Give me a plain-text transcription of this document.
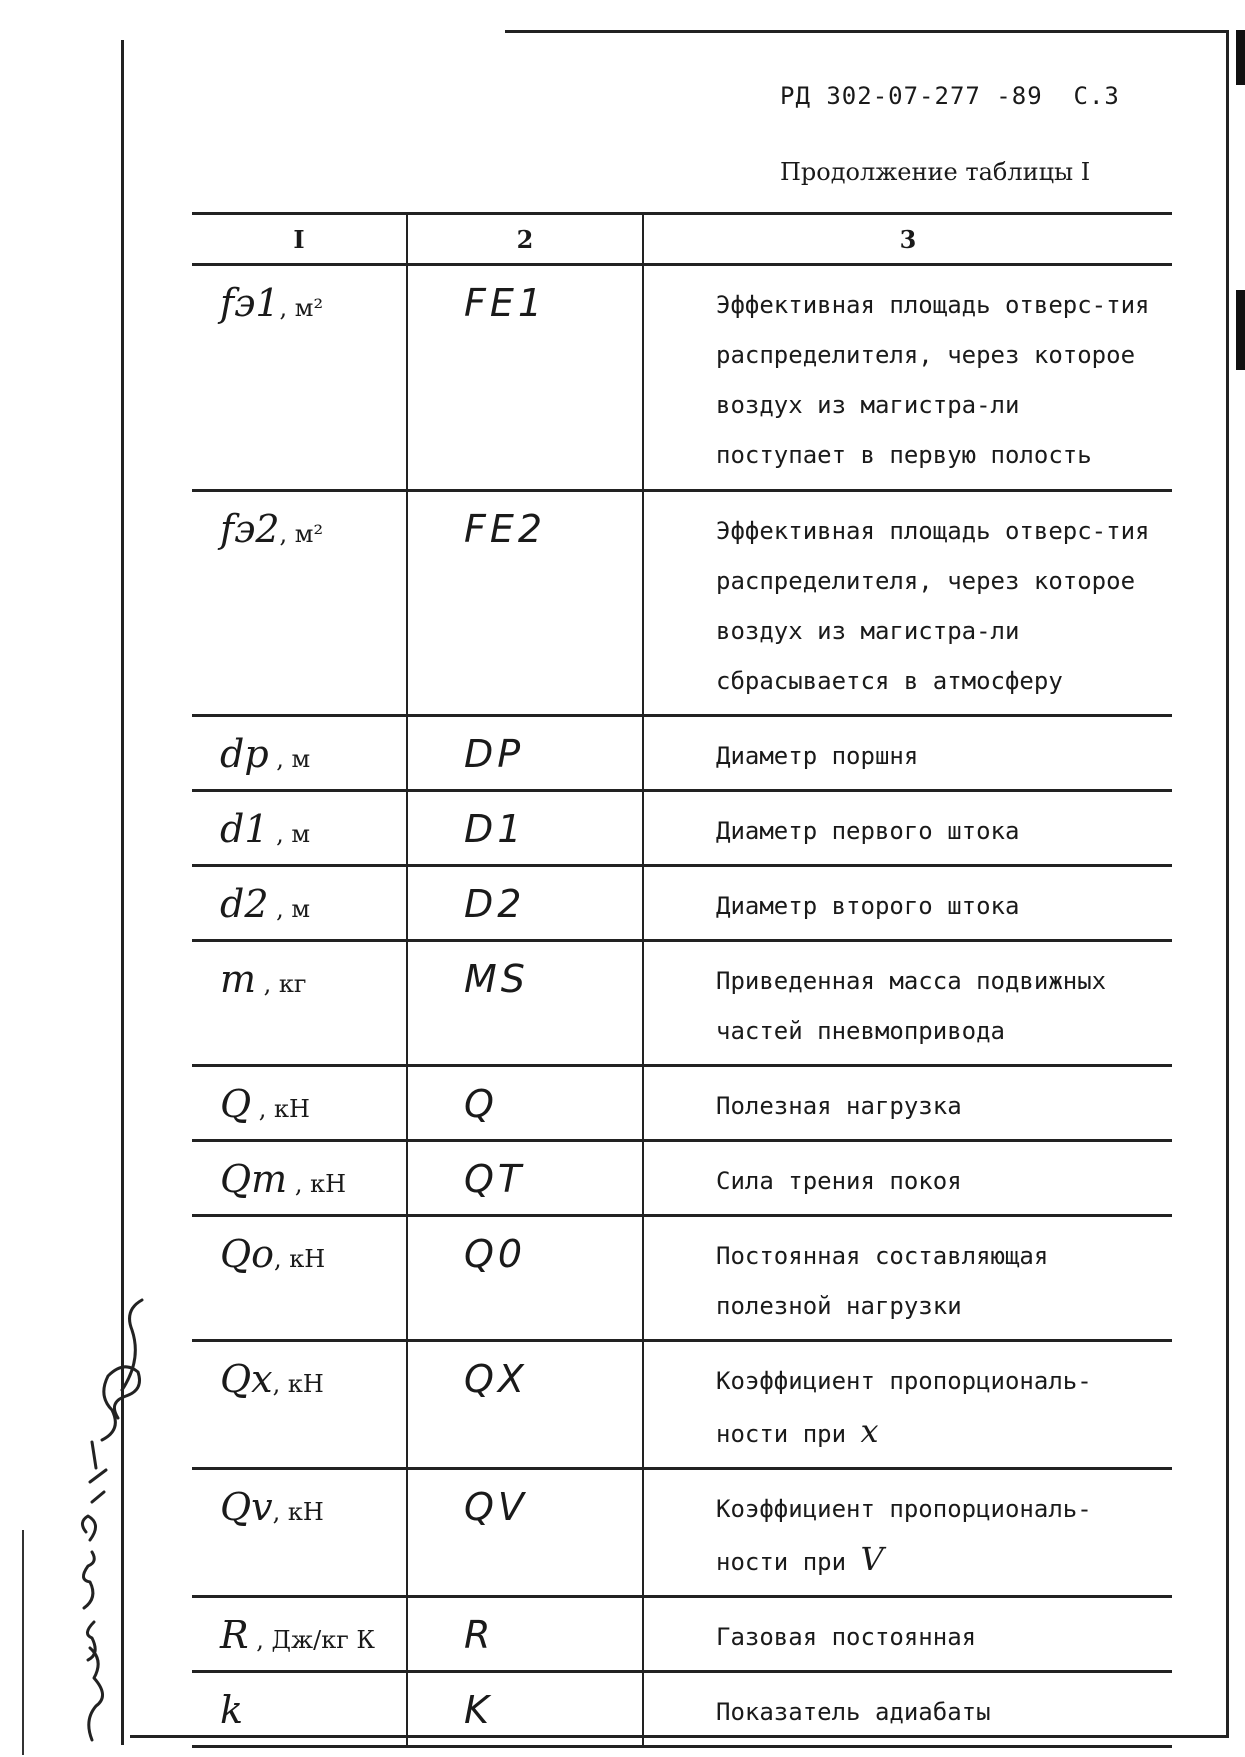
РД 302-07-277 -89  С.3
Продолжение таблицы I
I	2	3

fэ1, м²	FE1	Эффективная площадь отверс-тия распределителя, через которое воздух из магистра-ли поступает в первую полость

fэ2, м²	FE2	Эффективная площадь отверс-тия распределителя, через которое воздух из магистра-ли сбрасывается в атмосферу

dp , м	DP	Диаметр поршня

d1 , м	D1	Диаметр первого штока

d2 , м	D2	Диаметр второго штока

m , кг	MS	Приведенная масса подвижных частей пневмопривода

Q , кН	Q	Полезная нагрузка

Qт , кН	QT	Сила трения покоя

Qo, кН	Q0	Постоянная составляющая полезной нагрузки

Qx, кН	QX	Коэффициент пропорциональ-ности при x

Qv, кН	QV	Коэффициент пропорциональ-ности при V

R , Дж/кг К	R	Газовая постоянная

k	K	Показатель адиабаты
